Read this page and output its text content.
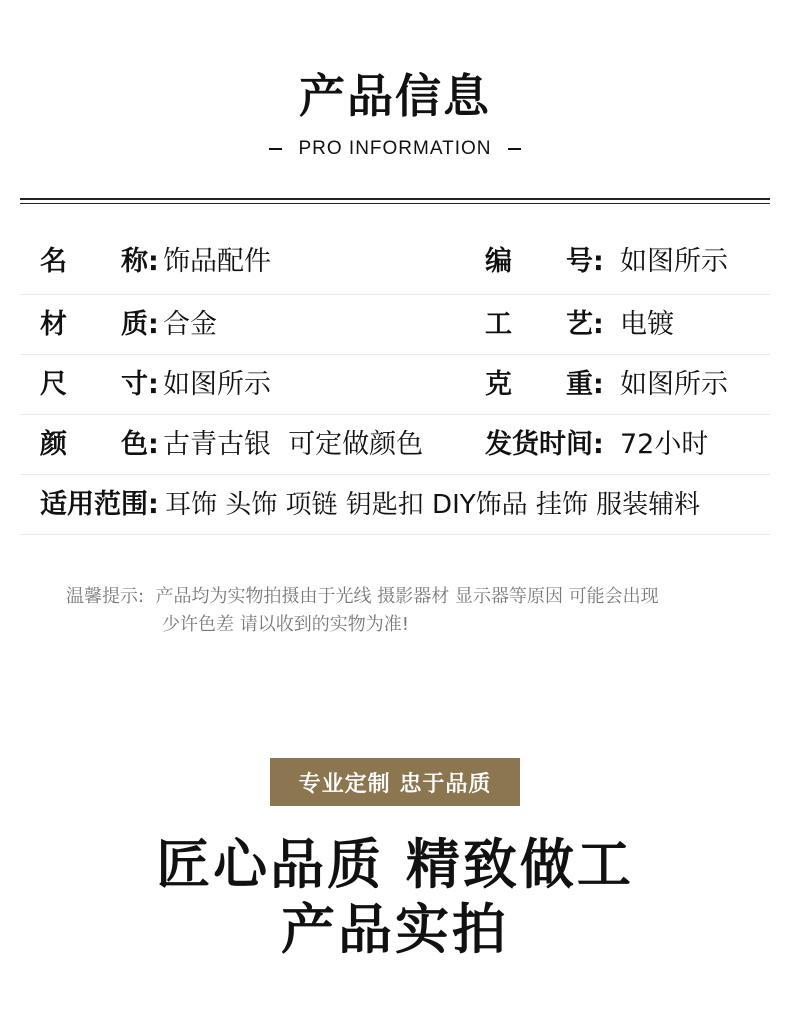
产品信息
PRO INFORMATION
名　　称: 饰品配件	编　　号: 如图所示
材　　质: 合金	工　　艺: 电镀
尺　　寸: 如图所示	克　　重: 如图所示
颜　　色: 古青古银  可定做颜色 发货时间: 72小时
适用范围: 耳饰 头饰 项链 钥匙扣 DIY饰品 挂饰 服装辅料
温馨提示:  产品均为实物拍摄由于光线 摄影器材 显示器等原因 可能会出现
少许色差 请以收到的实物为准!
专业定制 忠于品质
匠心品质 精致做工
产品实拍
